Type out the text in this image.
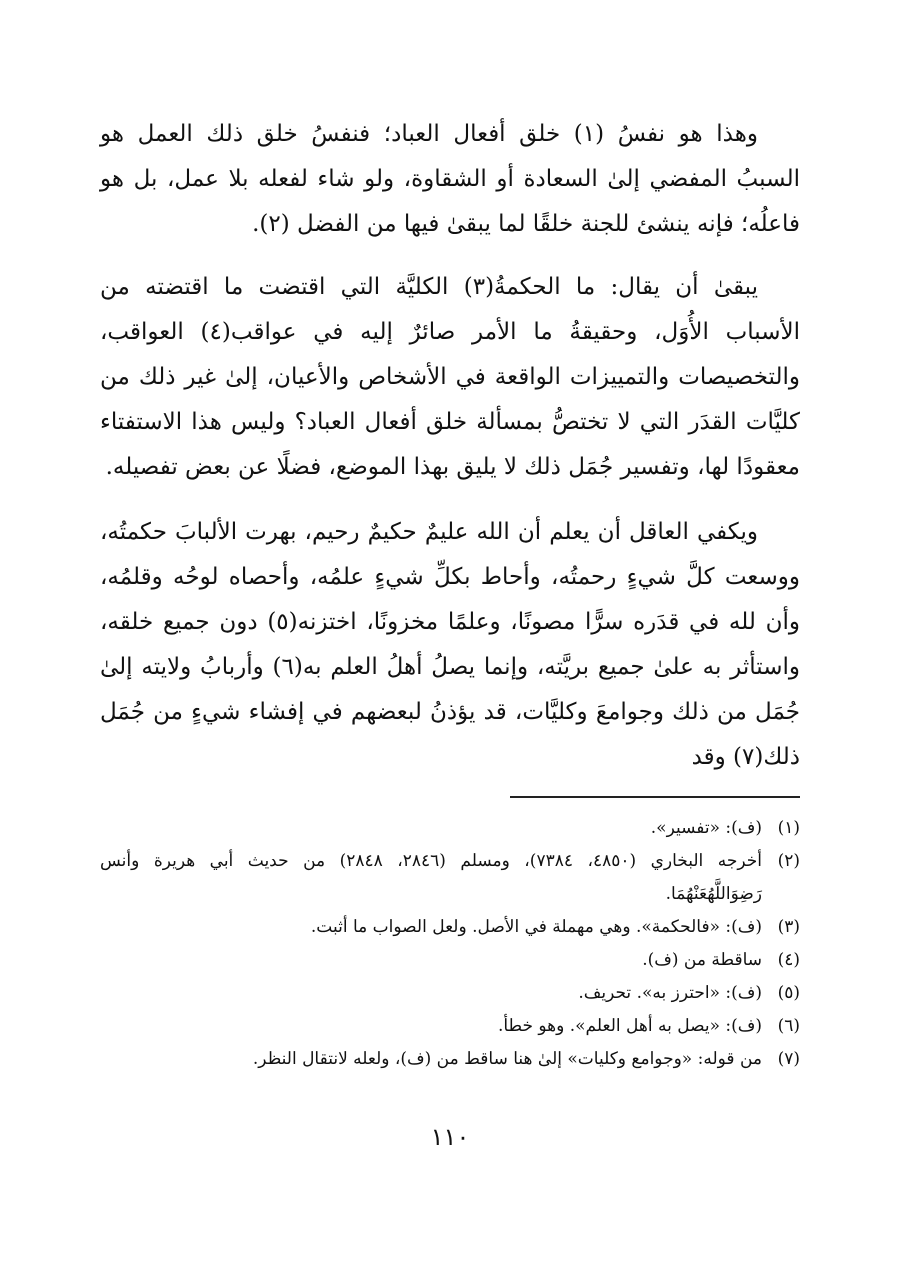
وهذا هو نفسُ (١) خلق أفعال العباد؛ فنفسُ خلق ذلك العمل هو السببُ المفضي إلىٰ السعادة أو الشقاوة، ولو شاء لفعله بلا عمل، بل هو فاعلُه؛ فإنه ينشئ للجنة خلقًا لما يبقىٰ فيها من الفضل (٢).

يبقىٰ أن يقال: ما الحكمةُ(٣) الكليَّة التي اقتضت ما اقتضته من الأسباب الأُوَل، وحقيقةُ ما الأمر صائرٌ إليه في عواقب(٤) العواقب، والتخصيصات والتمييزات الواقعة في الأشخاص والأعيان، إلىٰ غير ذلك من كليَّات القدَر التي لا تختصُّ بمسألة خلق أفعال العباد؟ وليس هذا الاستفتاء معقودًا لها، وتفسير جُمَل ذلك لا يليق بهذا الموضع، فضلًا عن بعض تفصيله.

ويكفي العاقل أن يعلم أن الله عليمٌ حكيمٌ رحيم، بهرت الألبابَ حكمتُه، ووسعت كلَّ شيءٍ رحمتُه، وأحاط بكلِّ شيءٍ علمُه، وأحصاه لوحُه وقلمُه، وأن لله في قدَره سرًّا مصونًا، وعلمًا مخزونًا، اختزنه(٥) دون جميع خلقه، واستأثر به علىٰ جميع بريَّته، وإنما يصلُ أهلُ العلم به(٦) وأربابُ ولايته إلىٰ جُمَل من ذلك وجوامعَ وكليَّات، قد يؤذنُ لبعضهم في إفشاء شيءٍ من جُمَل ذلك(٧) وقد

(١)
(ف): «تفسير».
(٢)
أخرجه البخاري (٤٨٥٠، ٧٣٨٤)، ومسلم (٢٨٤٦، ٢٨٤٨) من حديث أبي هريرة وأنس رَضِوَاللَّهُعَنْهُمَا.
(٣)
(ف): «فالحكمة». وهي مهملة في الأصل. ولعل الصواب ما أثبت.
(٤)
ساقطة من (ف).
(٥)
(ف): «احترز به». تحريف.
(٦)
(ف): «يصل به أهل العلم». وهو خطأ.
(٧)
من قوله: «وجوامع وكليات» إلىٰ هنا ساقط من (ف)، ولعله لانتقال النظر.
١١٠
